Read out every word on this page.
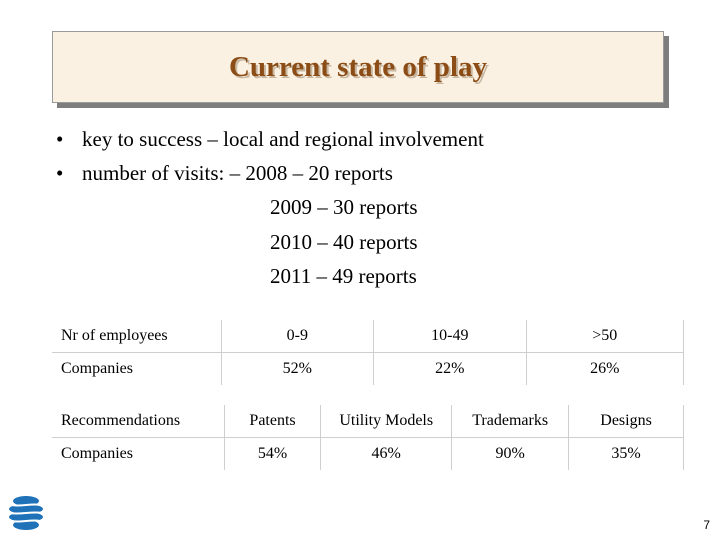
Current state of play
• key to success – local and regional involvement
• number of visits: – 2008 – 20 reports
2009 – 30 reports
2010 – 40 reports
2011 – 49 reports
Nr of employees	0-9	10-49	>50
Companies	52%	22%	26%
Recommendations	Patents	Utility Models	Trademarks	Designs
Companies	54%	46%	90%	35%
7
